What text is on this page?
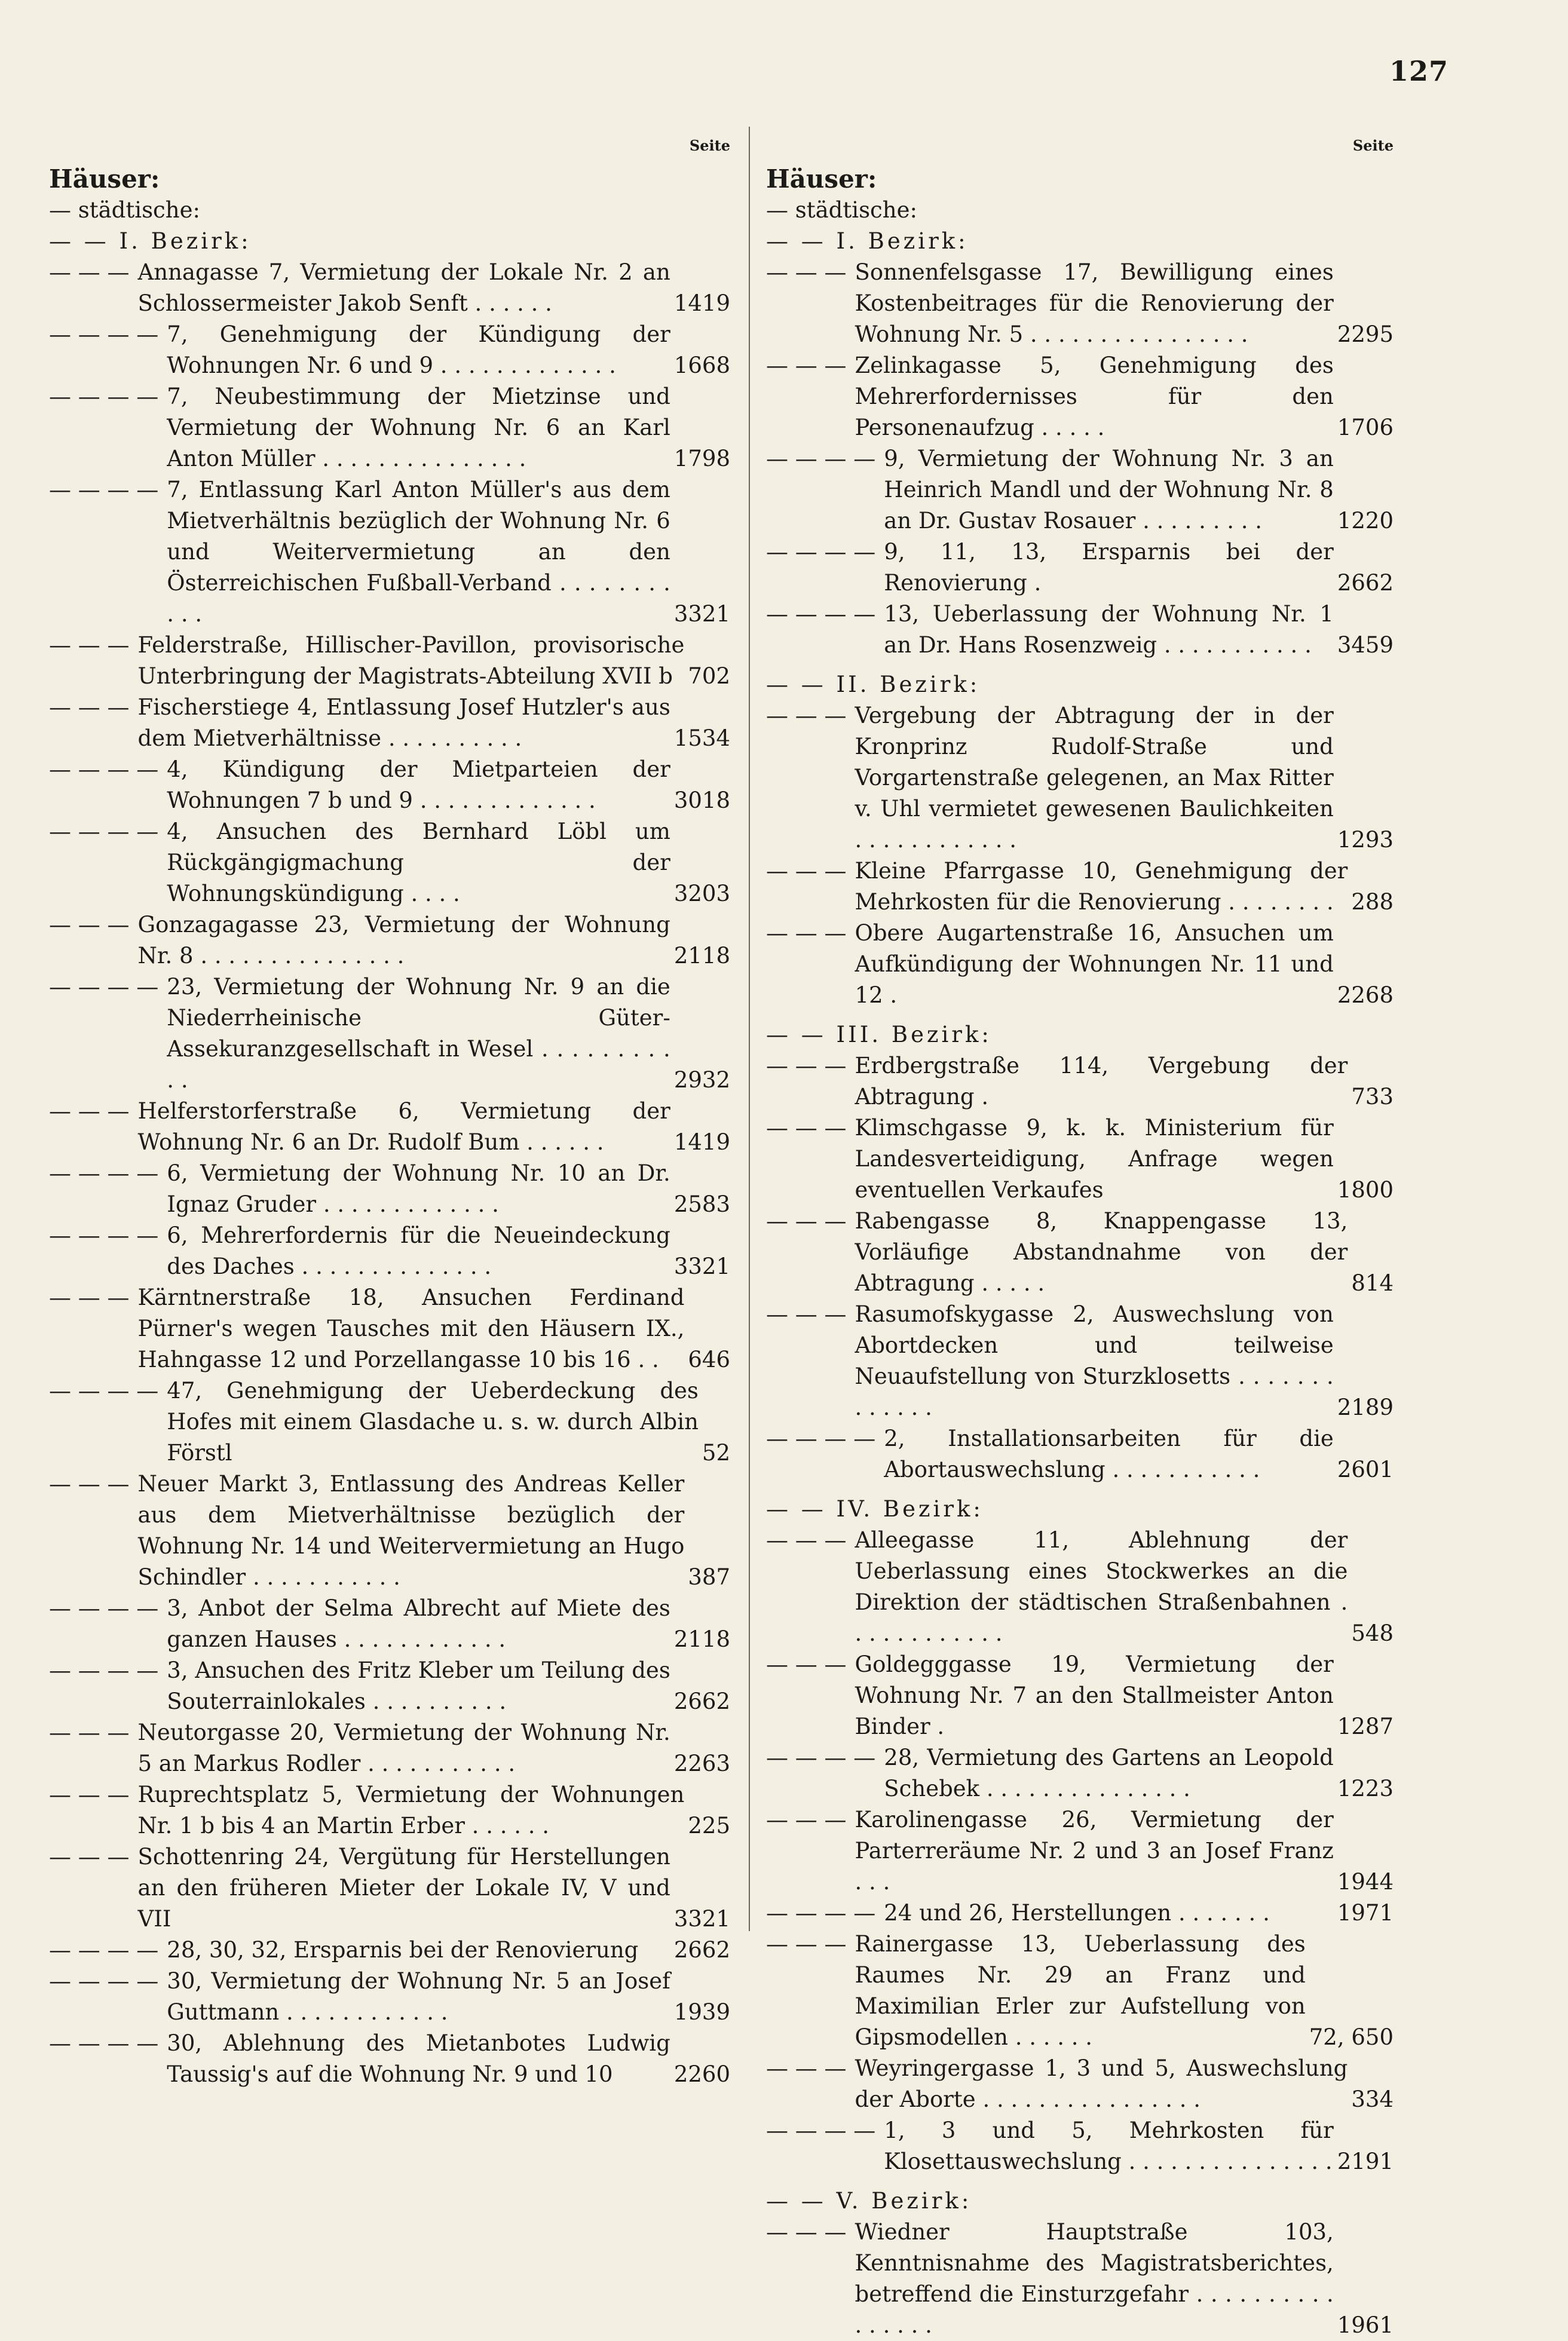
127
Seite
Häuser:
— städtische:
— — I. Bezirk:
— — — Annagasse 7, Vermietung der Lokale Nr. 2 an Schlossermeister Jakob Senft . . . . . .	1419
— — — — 7, Genehmigung der Kündigung der Wohnungen Nr. 6 und 9 . . . . . . . . . . . . .	1668
— — — — 7, Neubestimmung der Mietzinse und Vermietung der Wohnung Nr. 6 an Karl Anton Müller . . . . . . . . . . . . . . .	1798
— — — — 7, Entlassung Karl Anton Müller's aus dem Mietverhältnis bezüglich der Wohnung Nr. 6 und Weitervermietung an den Österreichischen Fußball-Verband . . . . . . . . . . .	3321
— — — Felderstraße, Hillischer-Pavillon, provisorische Unterbringung der Magistrats-Abteilung XVII b 702
— — — Fischerstiege 4, Entlassung Josef Hutzler's aus dem Mietverhältnisse . . . . . . . . . .	1534
— — — — 4, Kündigung der Mietparteien der Wohnungen 7 b und 9 . . . . . . . . . . . . .	3018
— — — — 4, Ansuchen des Bernhard Löbl um Rückgängigmachung der Wohnungskündigung . . . .	3203
— — — Gonzagagasse 23, Vermietung der Wohnung Nr. 8 . . . . . . . . . . . . . . .	2118
— — — — 23, Vermietung der Wohnung Nr. 9 an die Niederrheinische Güter-Assekuranzgesellschaft in Wesel . . . . . . . . . . .	2932
— — — Helferstorferstraße 6, Vermietung der Wohnung Nr. 6 an Dr. Rudolf Bum . . . . . .	1419
— — — — 6, Vermietung der Wohnung Nr. 10 an Dr. Ignaz Gruder . . . . . . . . . . . . .	2583
— — — — 6, Mehrerfordernis für die Neueindeckung des Daches . . . . . . . . . . . . . .	3321
— — — Kärntnerstraße 18, Ansuchen Ferdinand Pürner's wegen Tausches mit den Häusern IX., Hahngasse 12 und Porzellangasse 10 bis 16 . .	646
— — — — 47, Genehmigung der Ueberdeckung des Hofes mit einem Glasdache u. s. w. durch Albin Förstl	52
— — — Neuer Markt 3, Entlassung des Andreas Keller aus dem Mietverhältnisse bezüglich der Wohnung Nr. 14 und Weitervermietung an Hugo Schindler . . . . . . . . . . .	387
— — — — 3, Anbot der Selma Albrecht auf Miete des ganzen Hauses . . . . . . . . . . . .	2118
— — — — 3, Ansuchen des Fritz Kleber um Teilung des Souterrainlokales . . . . . . . . . .	2662
— — — Neutorgasse 20, Vermietung der Wohnung Nr. 5 an Markus Rodler . . . . . . . . . . .	2263
— — — Ruprechtsplatz 5, Vermietung der Wohnungen Nr. 1 b bis 4 an Martin Erber . . . . . .	225
— — — Schottenring 24, Vergütung für Herstellungen an den früheren Mieter der Lokale IV, V und VII	3321
— — — — 28, 30, 32, Ersparnis bei der Renovierung	2662
— — — — 30, Vermietung der Wohnung Nr. 5 an Josef Guttmann . . . . . . . . . . . .	1939
— — — — 30, Ablehnung des Mietanbotes Ludwig Taussig's auf die Wohnung Nr. 9 und 10	2260
Seite
Häuser:
— städtische:
— — I. Bezirk:
— — — Sonnenfelsgasse 17, Bewilligung eines Kostenbeitrages für die Renovierung der Wohnung Nr. 5 . . . . . . . . . . . . . . . .	2295
— — — Zelinkagasse 5, Genehmigung des Mehrerfordernisses für den Personenaufzug . . . . .	1706
— — — — 9, Vermietung der Wohnung Nr. 3 an Heinrich Mandl und der Wohnung Nr. 8 an Dr. Gustav Rosauer . . . . . . . . .	1220
— — — — 9, 11, 13, Ersparnis bei der Renovierung .	2662
— — — — 13, Ueberlassung der Wohnung Nr. 1 an Dr. Hans Rosenzweig . . . . . . . . . . .	3459
— — II. Bezirk:
— — — Vergebung der Abtragung der in der Kronprinz Rudolf-Straße und Vorgartenstraße gelegenen, an Max Ritter v. Uhl vermietet gewesenen Baulichkeiten . . . . . . . . . . . .	1293
— — — Kleine Pfarrgasse 10, Genehmigung der Mehrkosten für die Renovierung . . . . . . . . 288
— — — Obere Augartenstraße 16, Ansuchen um Aufkündigung der Wohnungen Nr. 11 und 12 .	2268
— — III. Bezirk:
— — — Erdbergstraße 114, Vergebung der Abtragung .	733
— — — Klimschgasse 9, k. k. Ministerium für Landesverteidigung, Anfrage wegen eventuellen Verkaufes	1800
— — — Rabengasse 8, Knappengasse 13, Vorläufige Abstandnahme von der Abtragung . . . . .	814
— — — Rasumofskygasse 2, Auswechslung von Abortdecken und teilweise Neuaufstellung von Sturzklosetts . . . . . . . . . . . . .	2189
— — — — 2, Installationsarbeiten für die Abortauswechslung . . . . . . . . . . .	2601
— — IV. Bezirk:
— — — Alleegasse 11, Ablehnung der Ueberlassung eines Stockwerkes an die Direktion der städtischen Straßenbahnen . . . . . . . . . . . .	548
— — — Goldegggasse 19, Vermietung der Wohnung Nr. 7 an den Stallmeister Anton Binder .	1287
— — — — 28, Vermietung des Gartens an Leopold Schebek . . . . . . . . . . . . . . .	1223
— — — Karolinengasse 26, Vermietung der Parterreräume Nr. 2 und 3 an Josef Franz . . .	1944
— — — — 24 und 26, Herstellungen . . . . . . .	1971
— — — Rainergasse 13, Ueberlassung des Raumes Nr. 29 an Franz und Maximilian Erler zur Aufstellung von Gipsmodellen . . . . . .	72, 650
— — — Weyringergasse 1, 3 und 5, Auswechslung der Aborte . . . . . . . . . . . . . . . .	334
— — — — 1, 3 und 5, Mehrkosten für Klosettauswechslung . . . . . . . . . . . . . . . 2191
— — V. Bezirk:
— — — Wiedner Hauptstraße 103, Kenntnisnahme des Magistratsberichtes, betreffend die Einsturzgefahr . . . . . . . . . . . . . . . .	1961
